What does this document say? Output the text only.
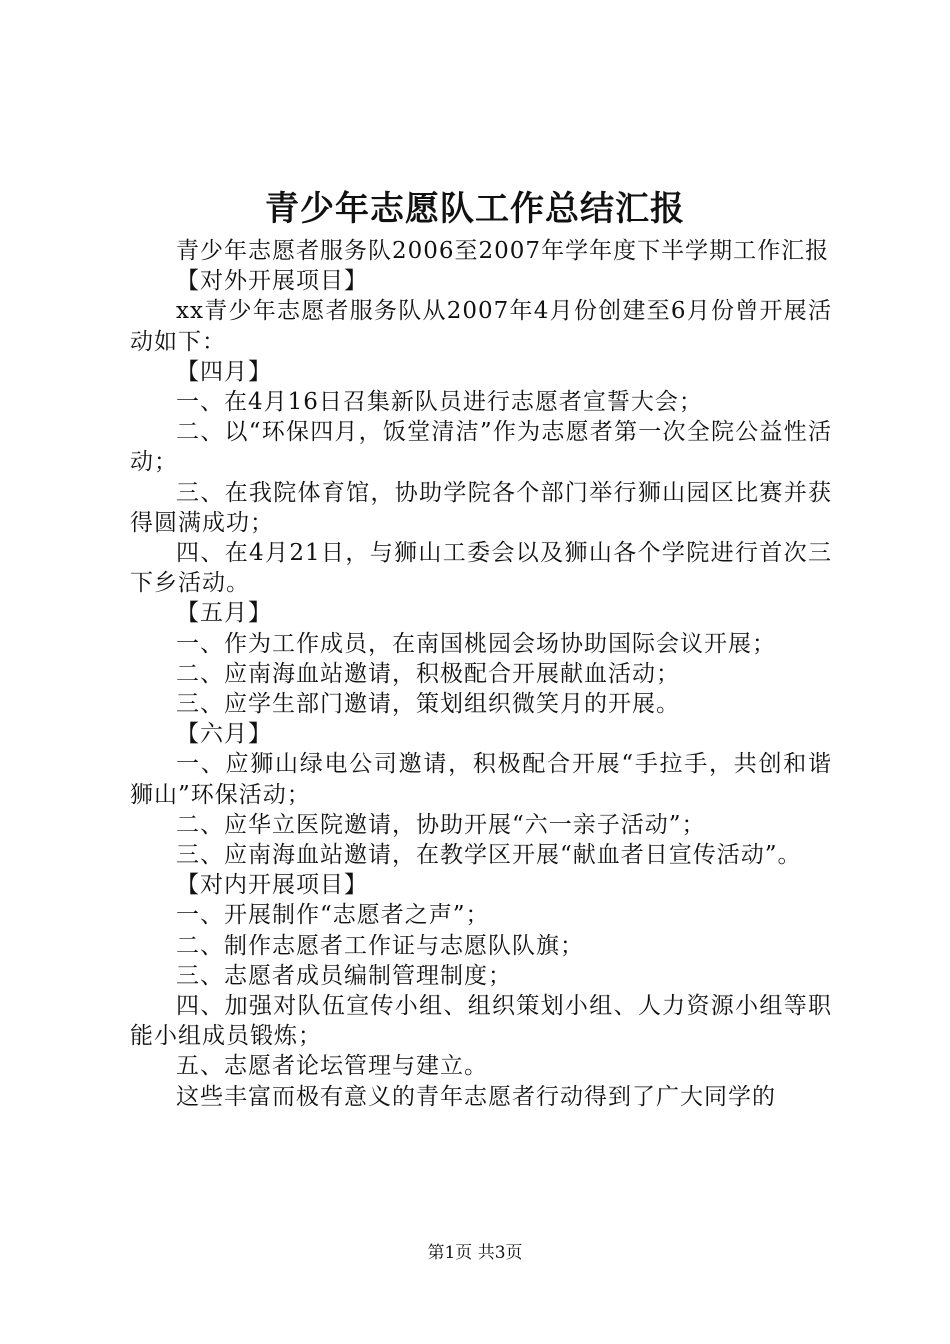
青少年志愿队工作总结汇报

青少年志愿者服务队2006至2007年学年度下半学期工作汇报

【对外开展项目】

xx青少年志愿者服务队从2007年4月份创建至6月份曾开展活动如下：

【四月】

一、在4月16日召集新队员进行志愿者宣誓大会；

二、以“环保四月，饭堂清洁”作为志愿者第一次全院公益性活动；

三、在我院体育馆，协助学院各个部门举行狮山园区比赛并获得圆满成功；

四、在4月21日，与狮山工委会以及狮山各个学院进行首次三下乡活动。

【五月】

一、作为工作成员，在南国桃园会场协助国际会议开展；

二、应南海血站邀请，积极配合开展献血活动；

三、应学生部门邀请，策划组织微笑月的开展。

【六月】

一、应狮山绿电公司邀请，积极配合开展“手拉手，共创和谐狮山”环保活动；

二、应华立医院邀请，协助开展“六一亲子活动”；

三、应南海血站邀请，在教学区开展“献血者日宣传活动”。

【对内开展项目】

一、开展制作“志愿者之声”；

二、制作志愿者工作证与志愿队队旗；

三、志愿者成员编制管理制度；

四、加强对队伍宣传小组、组织策划小组、人力资源小组等职能小组成员锻炼；

五、志愿者论坛管理与建立。

这些丰富而极有意义的青年志愿者行动得到了广大同学的

第1页 共3页
